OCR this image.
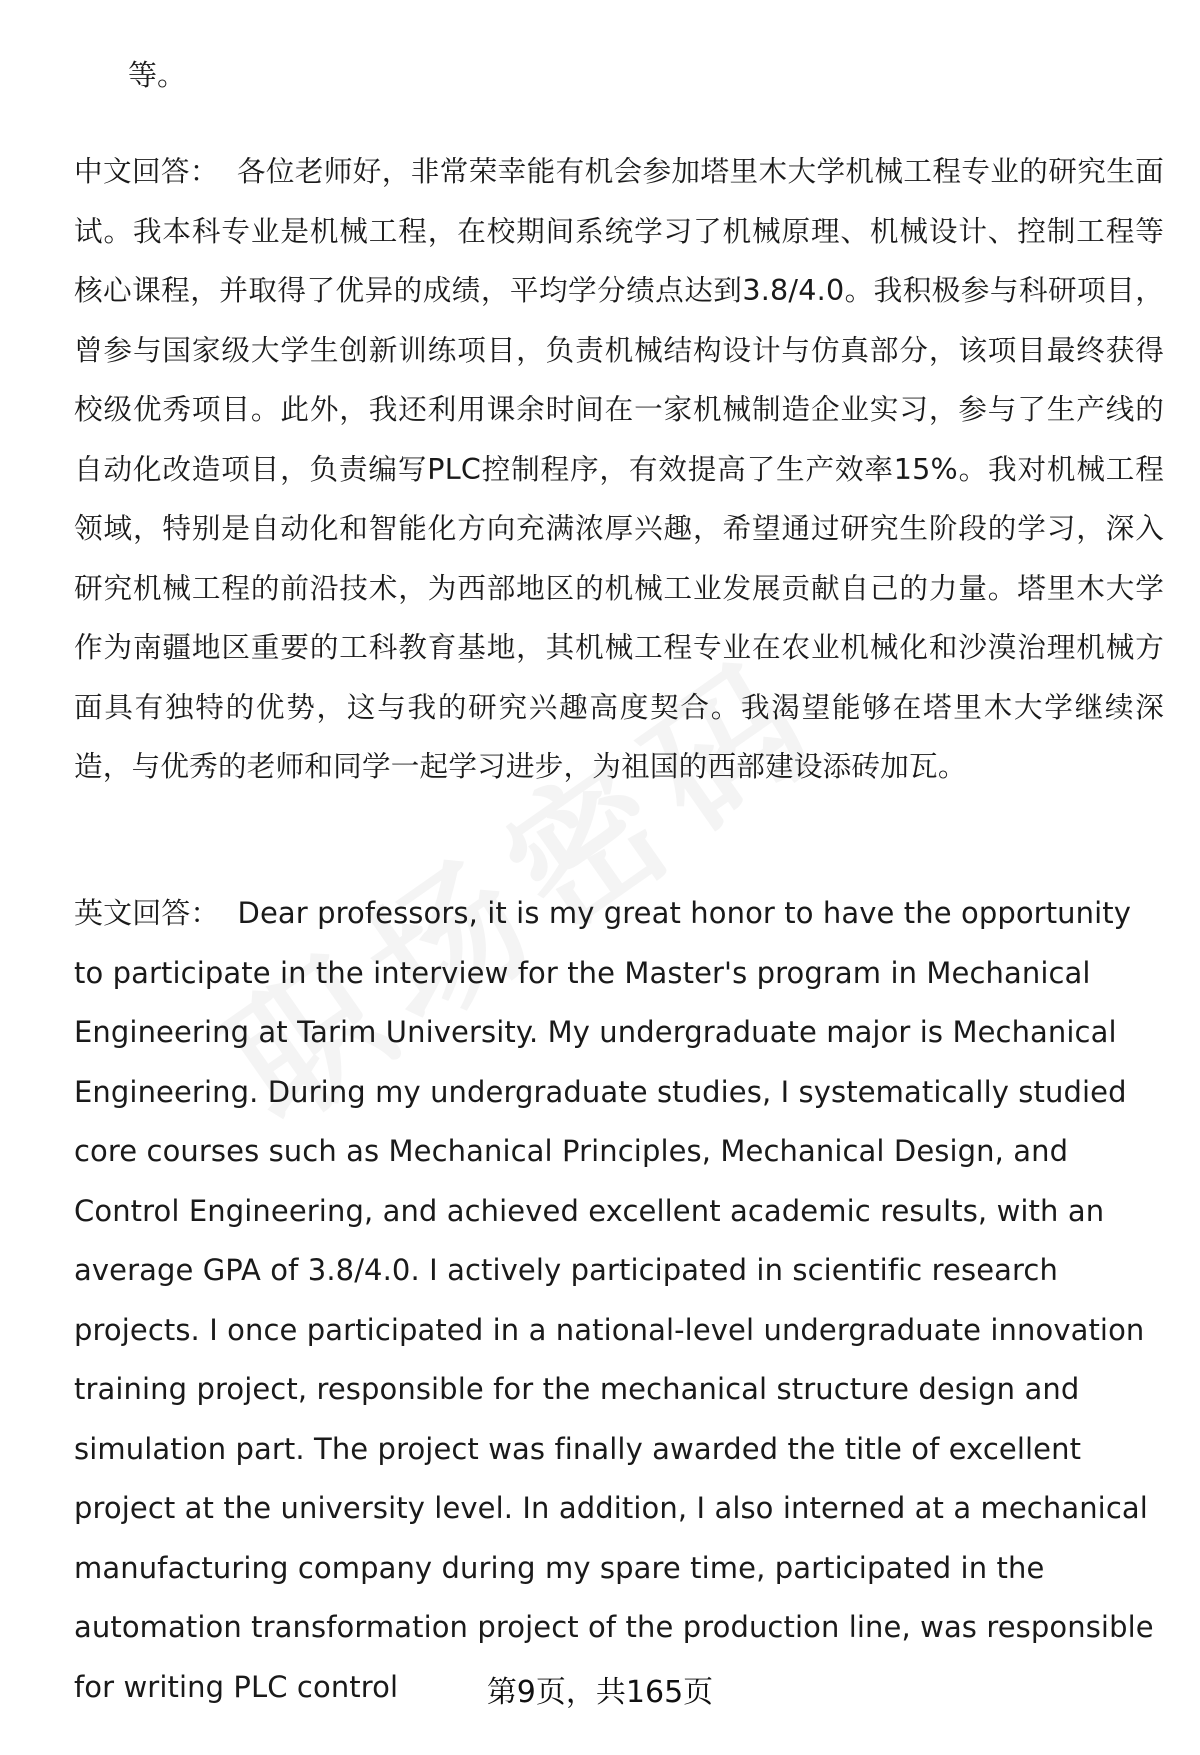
等。
中文回答： 各位老师好，非常荣幸能有机会参加塔里木大学机械工程专业的研究生面试。我本科专业是机械工程，在校期间系统学习了机械原理、机械设计、控制工程等核心课程，并取得了优异的成绩，平均学分绩点达到3.8/4.0。我积极参与科研项目，曾参与国家级大学生创新训练项目，负责机械结构设计与仿真部分，该项目最终获得校级优秀项目。此外，我还利用课余时间在一家机械制造企业实习，参与了生产线的自动化改造项目，负责编写PLC控制程序，有效提高了生产效率15%。我对机械工程领域，特别是自动化和智能化方向充满浓厚兴趣，希望通过研究生阶段的学习，深入研究机械工程的前沿技术，为西部地区的机械工业发展贡献自己的力量。塔里木大学作为南疆地区重要的工科教育基地，其机械工程专业在农业机械化和沙漠治理机械方面具有独特的优势，这与我的研究兴趣高度契合。我渴望能够在塔里木大学继续深造，与优秀的老师和同学一起学习进步，为祖国的西部建设添砖加瓦。
英文回答： Dear professors, it is my great honor to have the opportunity to participate in the interview for the Master's program in Mechanical Engineering at Tarim University. My undergraduate major is Mechanical Engineering. During my undergraduate studies, I systematically studied core courses such as Mechanical Principles, Mechanical Design, and Control Engineering, and achieved excellent academic results, with an average GPA of 3.8/4.0. I actively participated in scientific research projects. I once participated in a national-level undergraduate innovation training project, responsible for the mechanical structure design and simulation part. The project was finally awarded the title of excellent project at the university level. In addition, I also interned at a mechanical manufacturing company during my spare time, participated in the automation transformation project of the production line, was responsible for writing PLC control	第9页，共165页
